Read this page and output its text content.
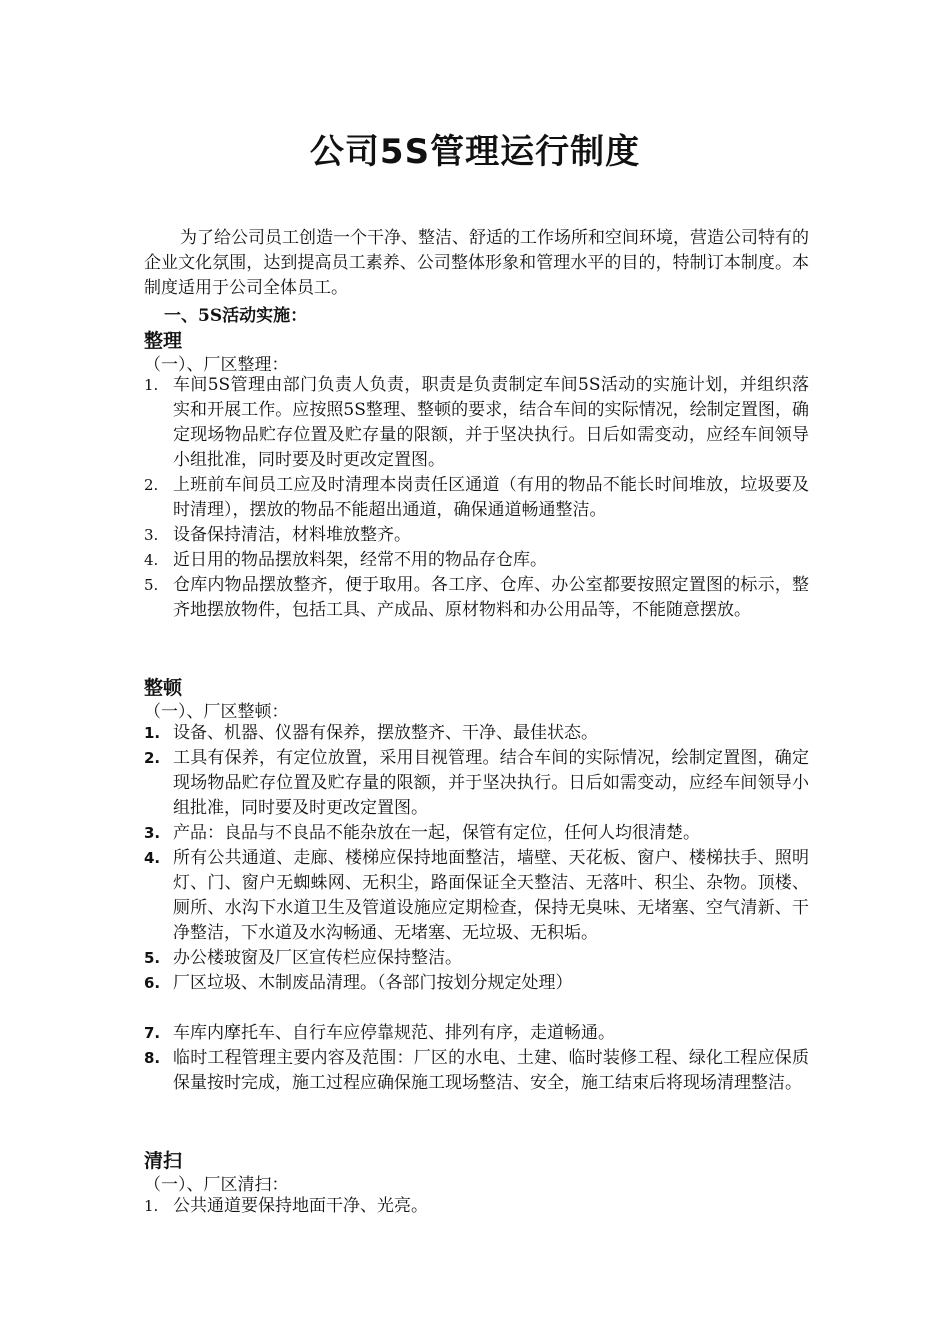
公司5S管理运行制度

为了给公司员工创造一个干净、整洁、舒适的工作场所和空间环境，营造公司特有的企业文化氛围，达到提高员工素养、公司整体形象和管理水平的目的，特制订本制度。本制度适用于公司全体员工。

一、5S活动实施：

整理

（一）、厂区整理：

1. 车间5S管理由部门负责人负责，职责是负责制定车间5S活动的实施计划，并组织落实和开展工作。应按照5S整理、整顿的要求，结合车间的实际情况，绘制定置图，确定现场物品贮存位置及贮存量的限额，并于坚决执行。日后如需变动，应经车间领导小组批准，同时要及时更改定置图。
2. 上班前车间员工应及时清理本岗责任区通道（有用的物品不能长时间堆放，垃圾要及时清理），摆放的物品不能超出通道，确保通道畅通整洁。
3. 设备保持清洁，材料堆放整齐。
4. 近日用的物品摆放料架，经常不用的物品存仓库。
5. 仓库内物品摆放整齐，便于取用。各工序、仓库、办公室都要按照定置图的标示，整齐地摆放物件，包括工具、产成品、原材物料和办公用品等，不能随意摆放。

整顿

（一）、厂区整顿：

1. 设备、机器、仪器有保养，摆放整齐、干净、最佳状态。
2. 工具有保养，有定位放置，采用目视管理。结合车间的实际情况，绘制定置图，确定现场物品贮存位置及贮存量的限额，并于坚决执行。日后如需变动，应经车间领导小组批准，同时要及时更改定置图。
3. 产品：良品与不良品不能杂放在一起，保管有定位，任何人均很清楚。
4. 所有公共通道、走廊、楼梯应保持地面整洁，墙壁、天花板、窗户、楼梯扶手、照明灯、门、窗户无蜘蛛网、无积尘，路面保证全天整洁、无落叶、积尘、杂物。顶楼、厕所、水沟下水道卫生及管道设施应定期检查，保持无臭味、无堵塞、空气清新、干净整洁，下水道及水沟畅通、无堵塞、无垃圾、无积垢。
5. 办公楼玻窗及厂区宣传栏应保持整洁。
6. 厂区垃圾、木制废品清理。（各部门按划分规定处理）
7. 车库内摩托车、自行车应停靠规范、排列有序，走道畅通。
8. 临时工程管理主要内容及范围：厂区的水电、土建、临时装修工程、绿化工程应保质保量按时完成，施工过程应确保施工现场整洁、安全，施工结束后将现场清理整洁。

清扫

（一）、厂区清扫：

1. 公共通道要保持地面干净、光亮。
